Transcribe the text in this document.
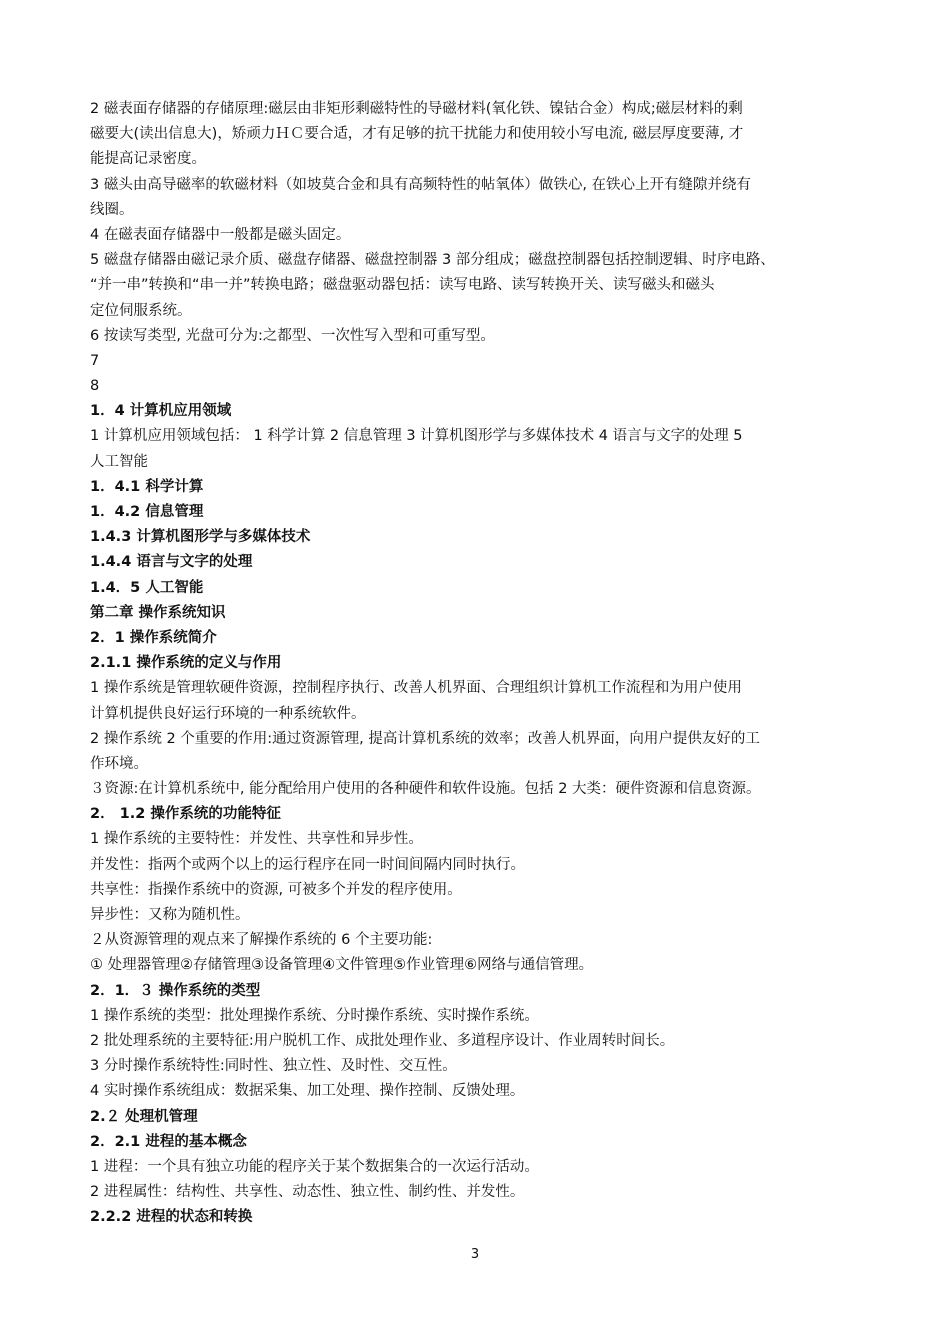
2 磁表面存储器的存储原理:磁层由非矩形剩磁特性的导磁材料(氧化铁、镍钴合金）构成;磁层材料的剩
磁要大(读出信息大)，矫顽力ＨＣ要合适，才有足够的抗干扰能力和使用较小写电流, 磁层厚度要薄, 才
能提高记录密度。
3 磁头由高导磁率的软磁材料（如坡莫合金和具有高频特性的帖氧体）做铁心, 在铁心上开有缝隙并绕有
线圈。
4 在磁表面存储器中一般都是磁头固定。
5 磁盘存储器由磁记录介质、磁盘存储器、磁盘控制器 3 部分组成；磁盘控制器包括控制逻辑、时序电路、
“并一串”转换和“串一并”转换电路；磁盘驱动器包括：读写电路、读写转换开关、读写磁头和磁头
定位伺服系统。
6 按读写类型, 光盘可分为:之都型、一次性写入型和可重写型。
7
8
1．4 计算机应用领域
1 计算机应用领域包括： 1 科学计算 2 信息管理 3 计算机图形学与多媒体技术 4 语言与文字的处理 5
人工智能
1．4.1 科学计算
1．4.2 信息管理
1.4.3 计算机图形学与多媒体技术
1.4.4 语言与文字的处理
1.4．5 人工智能
第二章 操作系统知识
2．1 操作系统简介
2.1.1 操作系统的定义与作用
1 操作系统是管理软硬件资源，控制程序执行、改善人机界面、合理组织计算机工作流程和为用户使用
计算机提供良好运行环境的一种系统软件。
2 操作系统 2 个重要的作用:通过资源管理, 提高计算机系统的效率；改善人机界面，向用户提供友好的工
作环境。
３资源:在计算机系统中, 能分配给用户使用的各种硬件和软件设施。包括 2 大类：硬件资源和信息资源。
2． 1.2 操作系统的功能特征
1 操作系统的主要特性：并发性、共享性和异步性。
并发性：指两个或两个以上的运行程序在同一时间间隔内同时执行。
共享性：指操作系统中的资源, 可被多个并发的程序使用。
异步性：又称为随机性。
２从资源管理的观点来了解操作系统的 6 个主要功能:
① 处理器管理②存储管理③设备管理④文件管理⑤作业管理⑥网络与通信管理。
2．1．３ 操作系统的类型
1 操作系统的类型：批处理操作系统、分时操作系统、实时操作系统。
2 批处理系统的主要特征:用户脱机工作、成批处理作业、多道程序设计、作业周转时间长。
3 分时操作系统特性:同时性、独立性、及时性、交互性。
4 实时操作系统组成：数据采集、加工处理、操作控制、反馈处理。
2.２ 处理机管理
2．2.1 进程的基本概念
1 进程：一个具有独立功能的程序关于某个数据集合的一次运行活动。
2 进程属性：结构性、共享性、动态性、独立性、制约性、并发性。
2.2.2 进程的状态和转换
3
